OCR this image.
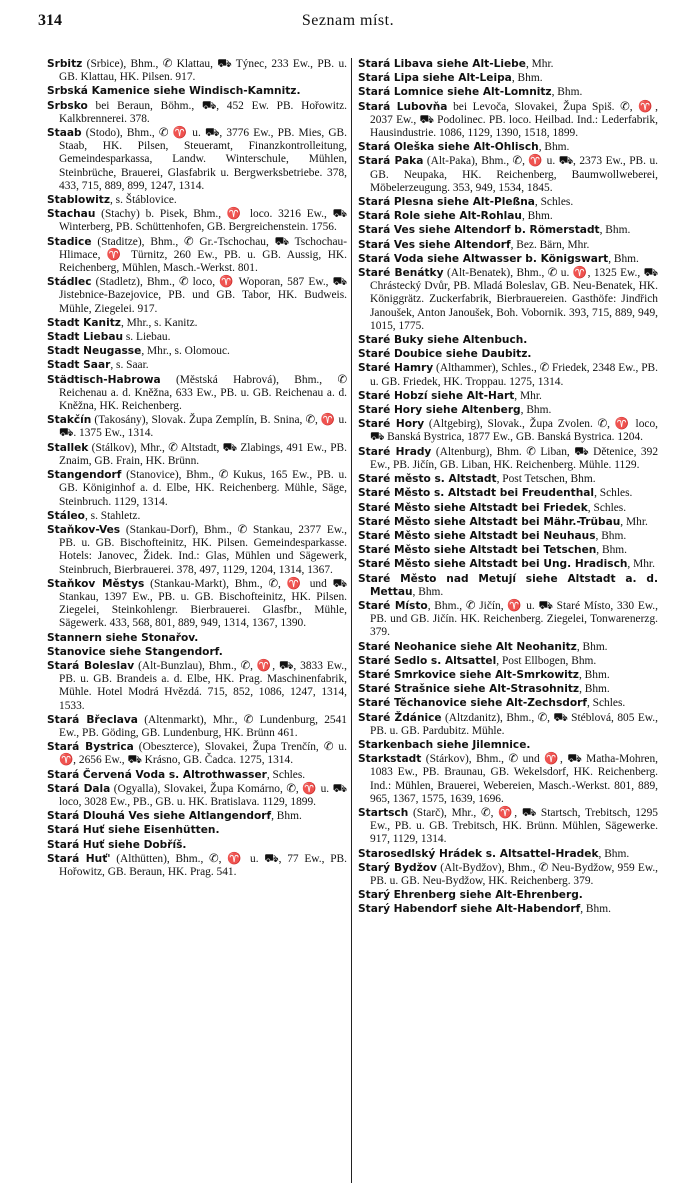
314	Seznam míst.
Srbitz (Srbice), Bhm., ✆ Klattau, ⛟ Týnec, 233 Ew., PB. u. GB. Klattau, HK. Pilsen. 917.
Srbská Kamenice siehe Windisch-Kamnitz.
Srbsko bei Beraun, Böhm., ⛟, 452 Ew. PB. Hořowitz. Kalkbrennerei. 378.
Staab (Stodo), Bhm., ✆ ♈ u. ⛟, 3776 Ew., PB. Mies, GB. Staab, HK. Pilsen, Steueramt, Finanzkontrolleitung, Gemeindesparkassa, Landw. Winterschule, Mühlen, Steinbrüche, Brauerei, Glasfabrik u. Bergwerksbetriebe. 378, 433, 715, 889, 899, 1247, 1314.
Stablowitz, s. Štáblovice.
Stachau (Stachy) b. Pisek, Bhm., ♈ loco. 3216 Ew., ⛟ Winterberg, PB. Schüttenhofen, GB. Bergreichenstein. 1756.
Stadice (Staditze), Bhm., ✆ Gr.-Tschochau, ⛟ Tschochau-Hlimace, ♈ Türnitz, 260 Ew., PB. u. GB. Aussig, HK. Reichenberg, Mühlen, Masch.-Werkst. 801.
Stádlec (Stadletz), Bhm., ✆ loco, ♈ Woporan, 587 Ew., ⛟ Jistebnice-Bazejovice, PB. und GB. Tabor, HK. Budweis. Mühle, Ziegelei. 917.
Stadt Kanitz, Mhr., s. Kanitz.
Stadt Liebau s. Liebau.
Stadt Neugasse, Mhr., s. Olomouc.
Stadt Saar, s. Saar.
Städtisch-Habrowa (Městská Habrová), Bhm., ✆ Reichenau a. d. Kněžna, 633 Ew., PB. u. GB. Reichenau a. d. Kněžna, HK. Reichenberg.
Stakčín (Takosány), Slovak. Župa Zemplín, B. Snina, ✆, ♈ u. ⛟. 1375 Ew., 1314.
Stallek (Stálkov), Mhr., ✆ Altstadt, ⛟ Zlabings, 491 Ew., PB. Znaim, GB. Frain, HK. Brünn.
Stangendorf (Stanovice), Bhm., ✆ Kukus, 165 Ew., PB. u. GB. Königinhof a. d. Elbe, HK. Reichenberg. Mühle, Säge, Steinbruch. 1129, 1314.
Stáleo, s. Stahletz.
Staňkov-Ves (Stankau-Dorf), Bhm., ✆ Stankau, 2377 Ew., PB. u. GB. Bischofteinitz, HK. Pilsen. Gemeindesparkasse. Hotels: Janovec, Židek. Ind.: Glas, Mühlen und Sägewerk, Steinbruch, Bierbrauerei. 378, 497, 1129, 1204, 1314, 1367.
Staňkov Městys (Stankau-Markt), Bhm., ✆, ♈ und ⛟ Stankau, 1397 Ew., PB. u. GB. Bischofteinitz, HK. Pilsen. Ziegelei, Steinkohlengr. Bierbrauerei. Glasfbr., Mühle, Sägewerk. 433, 568, 801, 889, 949, 1314, 1367, 1390.
Stannern siehe Stonařov.
Stanovice siehe Stangendorf.
Stará Boleslav (Alt-Bunzlau), Bhm., ✆, ♈, ⛟, 3833 Ew., PB. u. GB. Brandeis a. d. Elbe, HK. Prag. Maschinenfabrik, Mühle. Hotel Modrá Hvězdá. 715, 852, 1086, 1247, 1314, 1533.
Stará Břeclava (Altenmarkt), Mhr., ✆ Lundenburg, 2541 Ew., PB. Göding, GB. Lundenburg, HK. Brünn 461.
Stará Bystrica (Obeszterce), Slovakei, Župa Trenčín, ✆ u. ♈, 2656 Ew., ⛟ Krásno, GB. Čadca. 1275, 1314.
Stará Červená Voda s. Altrothwasser, Schles.
Stará Dala (Ogyalla), Slovakei, Župa Komárno, ✆, ♈ u. ⛟ loco, 3028 Ew., PB., GB. u. HK. Bratislava. 1129, 1899.
Stará Dlouhá Ves siehe Altlangendorf, Bhm.
Stará Huť siehe Eisenhütten.
Stará Huť siehe Dobříš.
Stará Huť' (Althütten), Bhm., ✆, ♈ u. ⛟, 77 Ew., PB. Hořowitz, GB. Beraun, HK. Prag. 541.
Stará Libava siehe Alt-Liebe, Mhr.
Stará Lipa siehe Alt-Leipa, Bhm.
Stará Lomnice siehe Alt-Lomnitz, Bhm.
Stará Lubovňa bei Levoča, Slovakei, Župa Spiš. ✆, ♈, 2037 Ew., ⛟ Podolinec. PB. loco. Heilbad. Ind.: Lederfabrik, Hausindustrie. 1086, 1129, 1390, 1518, 1899.
Stará Oleška siehe Alt-Ohlisch, Bhm.
Stará Paka (Alt-Paka), Bhm., ✆, ♈ u. ⛟, 2373 Ew., PB. u. GB. Neupaka, HK. Reichenberg, Baumwollweberei, Möbelerzeugung. 353, 949, 1534, 1845.
Stará Plesna siehe Alt-Pleßna, Schles.
Stará Role siehe Alt-Rohlau, Bhm.
Stará Ves siehe Altendorf b. Römerstadt, Bhm.
Stará Ves siehe Altendorf, Bez. Bärn, Mhr.
Stará Voda siehe Altwasser b. Königswart, Bhm.
Staré Benátky (Alt-Benatek), Bhm., ✆ u. ♈, 1325 Ew., ⛟ Chrástecký Dvůr, PB. Mladá Boleslav, GB. Neu-Benatek, HK. Königgrätz. Zuckerfabrik, Bierbrauereien. Gasthöfe: Jindřich Janoušek, Anton Janoušek, Boh. Vobornik. 393, 715, 889, 949, 1015, 1775.
Staré Buky siehe Altenbuch.
Staré Doubice siehe Daubitz.
Staré Hamry (Althammer), Schles., ✆ Friedek, 2348 Ew., PB. u. GB. Friedek, HK. Troppau. 1275, 1314.
Staré Hobzí siehe Alt-Hart, Mhr.
Staré Hory siehe Altenberg, Bhm.
Staré Hory (Altgebirg), Slovak., Župa Zvolen. ✆, ♈ loco, ⛟ Banská Bystrica, 1877 Ew., GB. Banská Bystrica. 1204.
Staré Hrady (Altenburg), Bhm. ✆ Liban, ⛟ Dětenice, 392 Ew., PB. Jičín, GB. Liban, HK. Reichenberg. Mühle. 1129.
Staré město s. Altstadt, Post Tetschen, Bhm.
Staré Město s. Altstadt bei Freudenthal, Schles.
Staré Město siehe Altstadt bei Friedek, Schles.
Staré Město siehe Altstadt bei Mähr.-Trübau, Mhr.
Staré Město siehe Altstadt bei Neuhaus, Bhm.
Staré Město siehe Altstadt bei Tetschen, Bhm.
Staré Město siehe Altstadt bei Ung. Hradisch, Mhr.
Staré Město nad Metují siehe Altstadt a. d. Mettau, Bhm.
Staré Místo, Bhm., ✆ Jičín, ♈ u. ⛟ Staré Místo, 330 Ew., PB. und GB. Jičín. HK. Reichenberg. Ziegelei, Tonwarenerzg. 379.
Staré Neohanice siehe Alt Neohanitz, Bhm.
Staré Sedlo s. Altsattel, Post Ellbogen, Bhm.
Staré Smrkovice siehe Alt-Smrkowitz, Bhm.
Staré Strašnice siehe Alt-Strasohnitz, Bhm.
Staré Těchanovice siehe Alt-Zechsdorf, Schles.
Staré Ždánice (Altzdanitz), Bhm., ✆, ⛟ Stéblová, 805 Ew., PB. u. GB. Pardubitz. Mühle.
Starkenbach siehe Jilemnice.
Starkstadt (Stárkov), Bhm., ✆ und ♈, ⛟ Matha-Mohren, 1083 Ew., PB. Braunau, GB. Wekelsdorf, HK. Reichenberg. Ind.: Mühlen, Brauerei, Webereien, Masch.-Werkst. 801, 889, 965, 1367, 1575, 1639, 1696.
Startsch (Starč), Mhr., ✆, ♈, ⛟ Startsch, Trebitsch, 1295 Ew., PB. u. GB. Trebitsch, HK. Brünn. Mühlen, Sägewerke. 917, 1129, 1314.
Starosedlský Hrádek s. Altsattel-Hradek, Bhm.
Starý Bydžov (Alt-Bydžov), Bhm., ✆ Neu-Bydžow, 959 Ew., PB. u. GB. Neu-Bydžow, HK. Reichenberg. 379.
Starý Ehrenberg siehe Alt-Ehrenberg.
Starý Habendorf siehe Alt-Habendorf, Bhm.
